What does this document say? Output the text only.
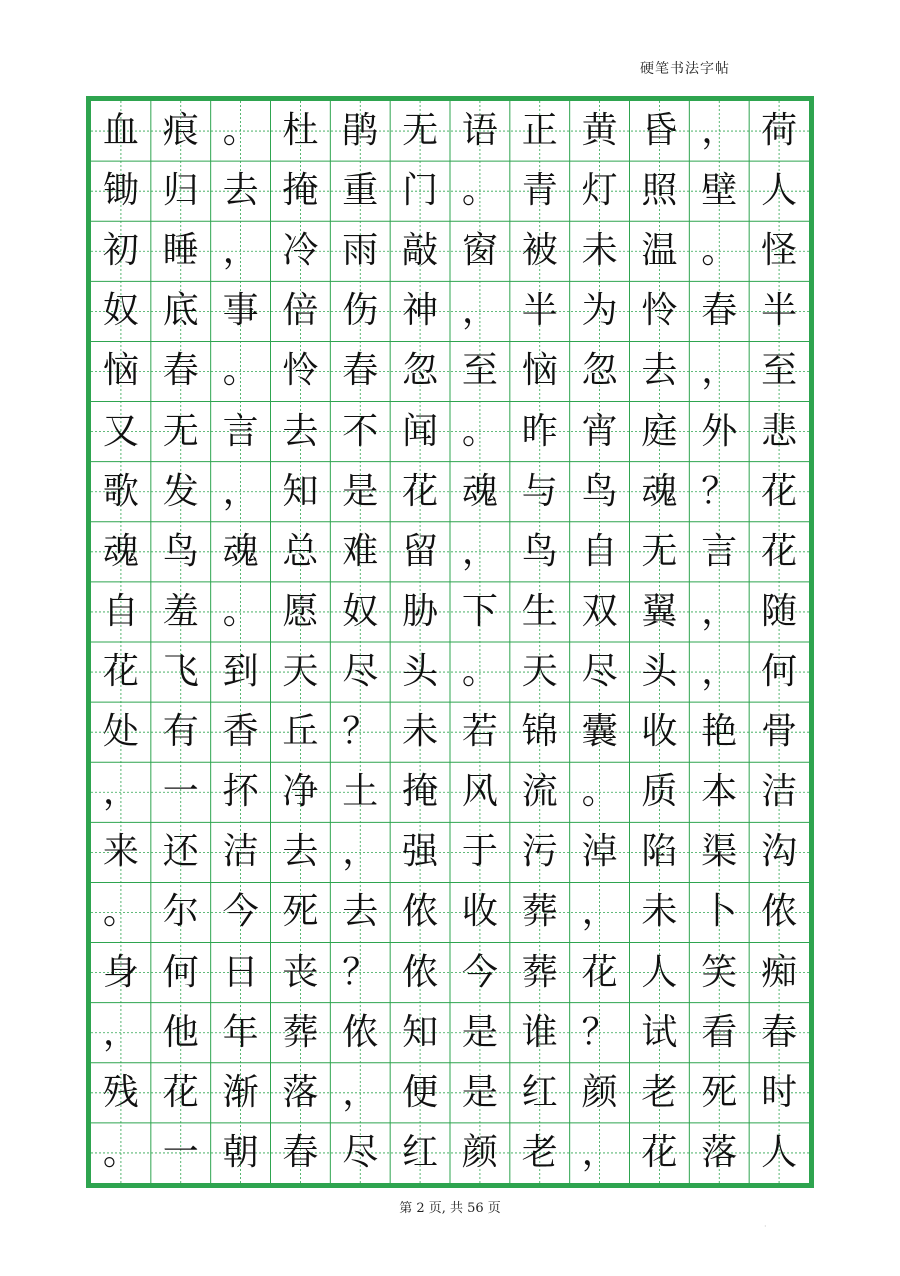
硬笔书法字帖
血 痕 。 杜 鹃 无 语 正 黄 昏 ， 荷
锄 归 去 掩 重 门 。 青 灯 照 壁 人
初 睡 ， 冷 雨 敲 窗 被 未 温 。 怪
奴 底 事 倍 伤 神 ， 半 为 怜 春 半
恼 春 。 怜 春 忽 至 恼 忽 去 ， 至
又 无 言 去 不 闻 。 昨 宵 庭 外 悲
歌 发 ， 知 是 花 魂 与 鸟 魂 ？ 花
魂 鸟 魂 总 难 留 ， 鸟 自 无 言 花
自 羞 。 愿 奴 胁 下 生 双 翼 ， 随
花 飞 到 天 尽 头 。 天 尽 头 ， 何
处 有 香 丘 ？ 未 若 锦 囊 收 艳 骨
， 一 抔 净 土 掩 风 流 。 质 本 洁
来 还 洁 去 ， 强 于 污 淖 陷 渠 沟
。 尔 今 死 去 侬 收 葬 ， 未 卜 侬
身 何 日 丧 ？ 侬 今 葬 花 人 笑 痴
， 他 年 葬 侬 知 是 谁 ？ 试 看 春
残 花 渐 落 ， 便 是 红 颜 老 死 时
。 一 朝 春 尽 红 颜 老 ， 花 落 人
第 2 页, 共 56 页
·
